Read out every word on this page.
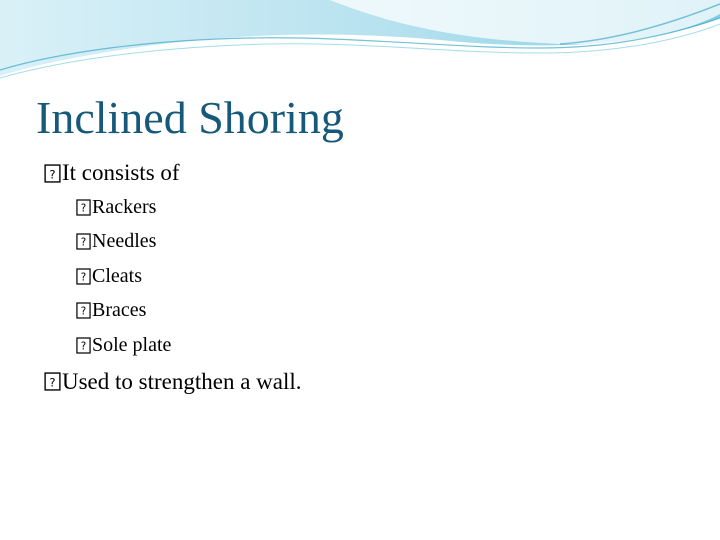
Inclined Shoring
? It consists of
? Rackers
? Needles
? Cleats
? Braces
? Sole plate
? Used to strengthen a wall.
